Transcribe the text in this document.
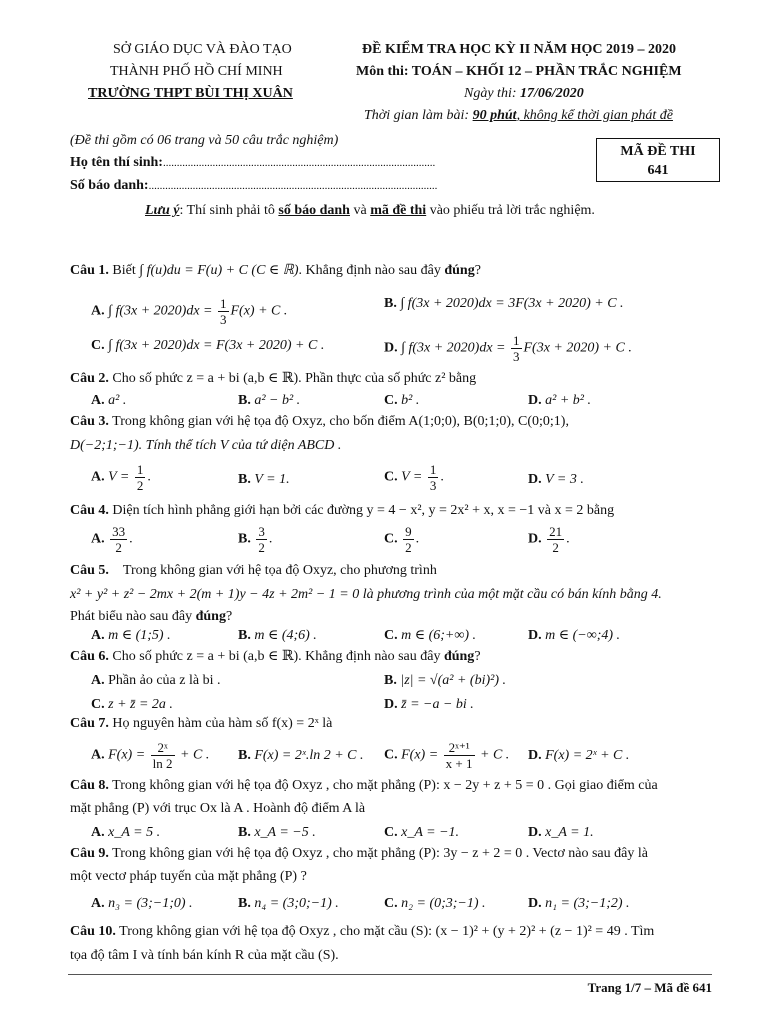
SỞ GIÁO DỤC VÀ ĐÀO TẠO
THÀNH PHỐ HỒ CHÍ MINH
TRƯỜNG THPT BÙI THỊ XUÂN
ĐỀ KIỂM TRA HỌC KỲ II NĂM HỌC 2019 – 2020
Môn thi: TOÁN – KHỐI 12 – PHẦN TRẮC NGHIỆM
Ngày thi: 17/06/2020
Thời gian làm bài: 90 phút, không kể thời gian phát đề
(Đề thi gồm có 06 trang và 50 câu trắc nghiệm)
Họ tên thí sinh:...................................................................................................
Số báo danh:.........................................................................................................
MÃ ĐỀ THI
641
Lưu ý: Thí sinh phải tô số báo danh và mã đề thi vào phiếu trả lời trắc nghiệm.
Câu 1. Biết ∫ f(u)du = F(u) + C (C ∈ ℝ). Khẳng định nào sau đây đúng?
A. ∫ $f(3x + 2020)dx = \frac{1}{3} F(x) + C$ .
B. ∫ f(3x + 2020)dx = 3F(3x + 2020) + C .
C. ∫ f(3x + 2020)dx = F(3x + 2020) + C .	D. ∫ $f(3x + 2020)dx = \frac{1}{3} F(3x + 2020) + C$ .
Câu 2. Cho số phức z = a + bi (a,b ∈ ℝ). Phần thực của số phức z² bằng
A. a² .	B. a² − b² .	C. b² .	D. a² + b² .
Câu 3. Trong không gian với hệ tọa độ Oxyz, cho bốn điểm A(1;0;0), B(0;1;0), C(0;0;1),
D(−2;1;−1). Tính thể tích V của tứ diện ABCD .
A. $V = \frac{1}{2}$ .	B. V = 1.	C. $V = \frac{1}{3}$ .	D. V = 3 .
Câu 4. Diện tích hình phẳng giới hạn bởi các đường y = 4 − x², y = 2x² + x, x = −1 và x = 2 bằng
A. $\frac{33}{2}$ .	B. $\frac{3}{2}$ .	C. $\frac{9}{2}$ .	D. $\frac{21}{2}$ .
Câu 5. Trong không gian với hệ tọa độ Oxyz, cho phương trình
x² + y² + z² − 2mx + 2(m + 1)y − 4z + 2m² − 1 = 0 là phương trình của một mặt cầu có bán kính bằng 4.
Phát biểu nào sau đây đúng?
A. m ∈ (1;5) .	B. m ∈ (4;6) .	C. m ∈ (6;+∞) .	D. m ∈ (−∞;4) .
Câu 6. Cho số phức z = a + bi (a,b ∈ ℝ). Khẳng định nào sau đây đúng?
A. Phần ảo của z là bi .	B. |z| = √(a² + (bi)²) .
C. z + z̄ = 2a .	D. z̄ = −a − bi .
Câu 7. Họ nguyên hàm của hàm số f(x) = 2ˣ là
A. $F(x) = \frac{\text{2ˣ}}{\ln 2} + C$ . B. F(x) = 2ˣ.ln 2 + C . C. $F(x) = \frac{\text{2ˣ⁺¹}}{x + 1} + C$ . D. F(x) = 2ˣ + C .
Câu 8. Trong không gian với hệ tọa độ Oxyz , cho mặt phẳng (P): x − 2y + z + 5 = 0 . Gọi giao điểm của
mặt phẳng (P) với trục Ox là A . Hoành độ điểm A là
A. x_A = 5 .	B. x_A = −5 .	C. x_A = −1.	D. x_A = 1.
Câu 9. Trong không gian với hệ tọa độ Oxyz , cho mặt phẳng (P): 3y − z + 2 = 0 . Vectơ nào sau đây là
một vectơ pháp tuyến của mặt phẳng (P) ?
A. n₃ = (3;−1;0) .	B. n₄ = (3;0;−1) .	C. n₂ = (0;3;−1) .	D. n₁ = (3;−1;2) .
Câu 10. Trong không gian với hệ tọa độ Oxyz , cho mặt cầu (S): (x − 1)² + (y + 2)² + (z − 1)² = 49 . Tìm
tọa độ tâm I và tính bán kính R của mặt cầu (S).
Trang 1/7 – Mã đề 641
